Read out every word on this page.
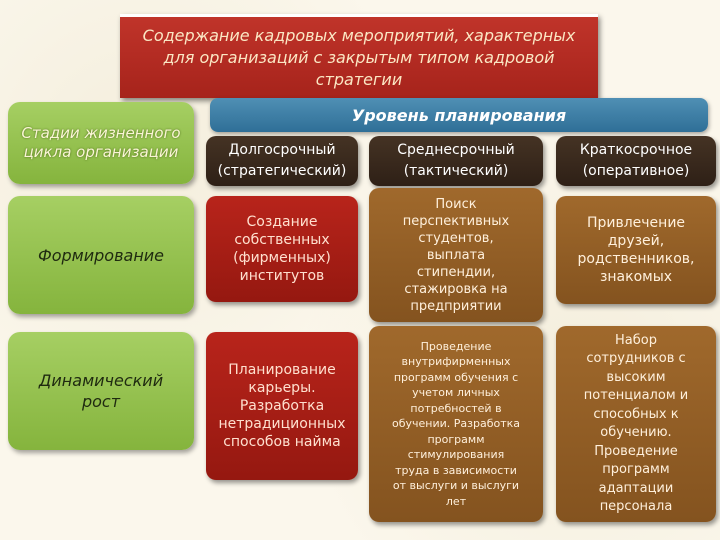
Содержание кадровых мероприятий, характерных
для организаций с закрытым типом кадровой
стратегии
Уровень планирования
Стадии жизненного
цикла организации
Формирование
Динамический
рост
Долгосрочный
(стратегический)
Среднесрочный
(тактический)
Краткосрочное
(оперативное)
Создание
собственных
(фирменных)
институтов
Планирование
карьеры.
Разработка
нетрадиционных
способов найма
Поиск
перспективных
студентов,
выплата
стипендии,
стажировка на
предприятии
Проведение
внутрифирменных
программ обучения с
учетом личных
потребностей в
обучении. Разработка
программ
стимулирования
труда в зависимости
от выслуги и выслуги
лет
Привлечение
друзей,
родственников,
знакомых
Набор
сотрудников с
высоким
потенциалом и
способных к
обучению.
Проведение
программ
адаптации
персонала
